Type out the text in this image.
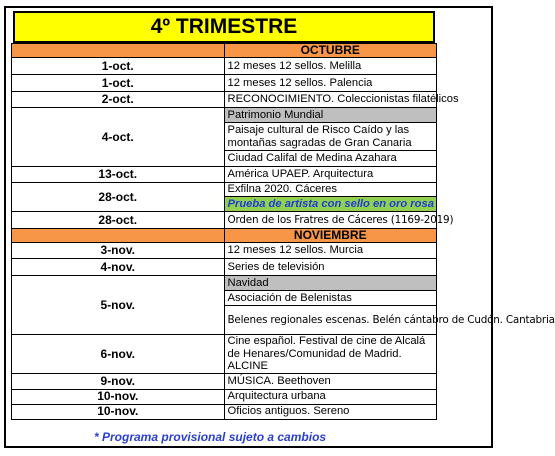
4º TRIMESTRE
	OCTUBRE
1-oct.	12 meses 12 sellos. Melilla
1-oct.	12 meses 12 sellos. Palencia
2-oct.	RECONOCIMIENTO. Coleccionistas filatélicos
4-oct.	Patrimonio Mundial
	Paisaje cultural de Risco Caído y las montañas sagradas de Gran Canaria
	Ciudad Califal de Medina Azahara
13-oct.	América UPAEP. Arquitectura
28-oct.	Exfilna 2020. Cáceres
	Prueba de artista con sello en oro rosa
28-oct.	Orden de los Fratres de Cáceres (1169-2019)
	NOVIEMBRE
3-nov.	12 meses 12 sellos. Murcia
4-nov.	Series de televisión
5-nov.	Navidad
	Asociación de Belenistas
	Belenes regionales escenas. Belén cántabro de Cudón. Cantabria
6-nov.	Cine español. Festival de cine de Alcalá de Henares/Comunidad de Madrid. ALCINE
9-nov.	MÚSICA. Beethoven
10-nov.	Arquitectura urbana
10-nov.	Oficios antiguos. Sereno
* Programa provisional sujeto a cambios
